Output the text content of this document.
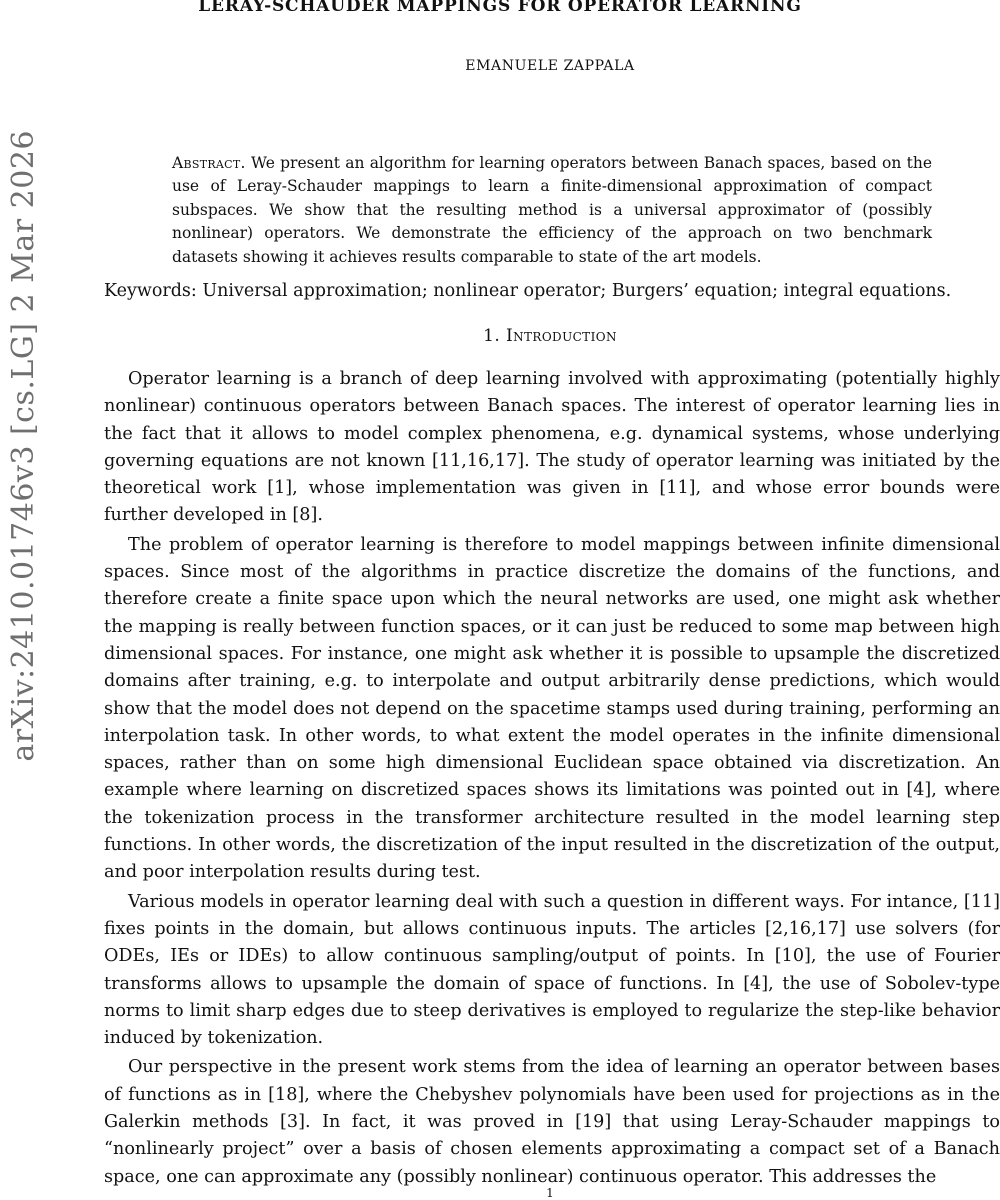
arXiv:2410.01746v3 [cs.LG] 2 Mar 2026
LERAY-SCHAUDER MAPPINGS FOR OPERATOR LEARNING
EMANUELE ZAPPALA
Abstract. We present an algorithm for learning operators between Banach spaces, based on the use of Leray-Schauder mappings to learn a finite-dimensional approximation of compact subspaces. We show that the resulting method is a universal approximator of (possibly nonlinear) operators. We demonstrate the efficiency of the approach on two benchmark datasets showing it achieves results comparable to state of the art models.
Keywords: Universal approximation; nonlinear operator; Burgers’ equation; integral equations.
1. Introduction

Operator learning is a branch of deep learning involved with approximating (potentially highly nonlinear) continuous operators between Banach spaces. The interest of operator learning lies in the fact that it allows to model complex phenomena, e.g. dynamical systems, whose underlying governing equations are not known [11,16,17]. The study of operator learning was initiated by the theoretical work [1], whose implementation was given in [11], and whose error bounds were further developed in [8].

The problem of operator learning is therefore to model mappings between infinite dimensional spaces. Since most of the algorithms in practice discretize the domains of the functions, and therefore create a finite space upon which the neural networks are used, one might ask whether the mapping is really between function spaces, or it can just be reduced to some map between high dimensional spaces. For instance, one might ask whether it is possible to upsample the discretized domains after training, e.g. to interpolate and output arbitrarily dense predictions, which would show that the model does not depend on the spacetime stamps used during training, performing an interpolation task. In other words, to what extent the model operates in the infinite dimensional spaces, rather than on some high dimensional Euclidean space obtained via discretization. An example where learning on discretized spaces shows its limitations was pointed out in [4], where the tokenization process in the transformer architecture resulted in the model learning step functions. In other words, the discretization of the input resulted in the discretization of the output, and poor interpolation results during test.

Various models in operator learning deal with such a question in different ways. For intance, [11] fixes points in the domain, but allows continuous inputs. The articles [2,16,17] use solvers (for ODEs, IEs or IDEs) to allow continuous sampling/output of points. In [10], the use of Fourier transforms allows to upsample the domain of space of functions. In [4], the use of Sobolev-type norms to limit sharp edges due to steep derivatives is employed to regularize the step-like behavior induced by tokenization.

Our perspective in the present work stems from the idea of learning an operator between bases of functions as in [18], where the Chebyshev polynomials have been used for projections as in the Galerkin methods [3]. In fact, it was proved in [19] that using Leray-Schauder mappings to “nonlinearly project” over a basis of chosen elements approximating a compact set of a Banach space, one can approximate any (possibly nonlinear) continuous operator. This addresses the

1
